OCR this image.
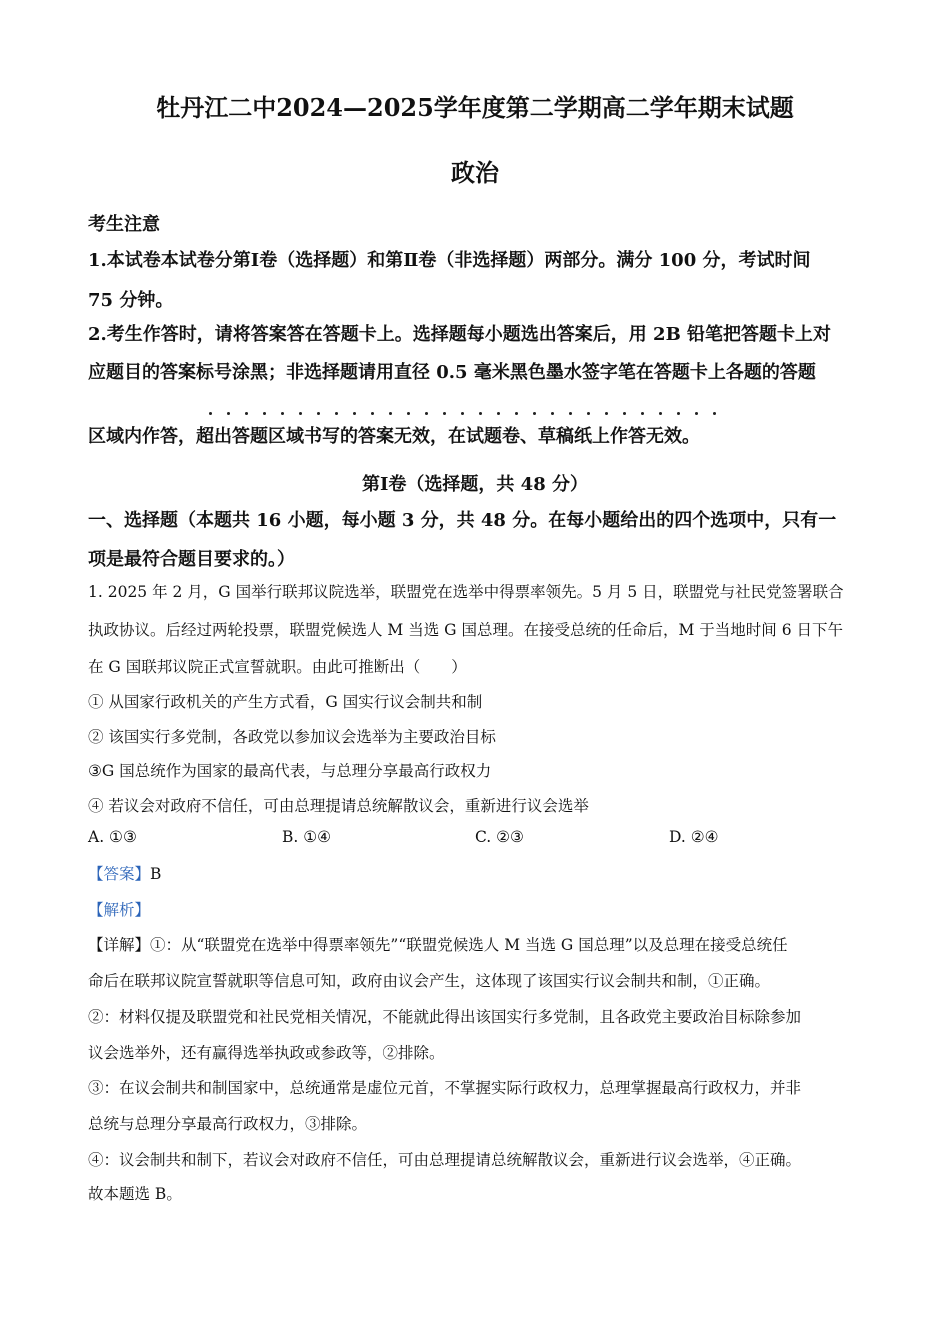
牡丹江二中2024—2025学年度第二学期高二学年期末试题
政治
考生注意
1.本试卷本试卷分第Ⅰ卷（选择题）和第Ⅱ卷（非选择题）两部分。满分 100 分，考试时间
75 分钟。
2.考生作答时，请将答案答在答题卡上。选择题每小题选出答案后，用 2B 铅笔把答题卡上对
应题目的答案标号涂黑；非选择题请用直径 0.5 毫米黑色墨水签字笔在答题卡上各题的答题
区域内作答，超出答题区域书写的答案无效，在试题卷、草稿纸上作答无效。
第Ⅰ卷（选择题，共 48 分）
一、选择题（本题共 16 小题，每小题 3 分，共 48 分。在每小题给出的四个选项中，只有一
项是最符合题目要求的。）
1. 2025 年 2 月，G 国举行联邦议院选举，联盟党在选举中得票率领先。5 月 5 日，联盟党与社民党签署联合
执政协议。后经过两轮投票，联盟党候选人 M 当选 G 国总理。在接受总统的任命后，M 于当地时间 6 日下午
在 G 国联邦议院正式宣誓就职。由此可推断出（　　）
① 从国家行政机关的产生方式看，G 国实行议会制共和制
② 该国实行多党制，各政党以参加议会选举为主要政治目标
③G 国总统作为国家的最高代表，与总理分享最高行政权力
④ 若议会对政府不信任，可由总理提请总统解散议会，重新进行议会选举
A. ①③	B. ①④	C. ②③	D. ②④
【答案】B
【解析】
【详解】①：从“联盟党在选举中得票率领先”“联盟党候选人 M 当选 G 国总理”以及总理在接受总统任
命后在联邦议院宣誓就职等信息可知，政府由议会产生，这体现了该国实行议会制共和制，①正确。
②：材料仅提及联盟党和社民党相关情况，不能就此得出该国实行多党制，且各政党主要政治目标除参加
议会选举外，还有赢得选举执政或参政等，②排除。
③：在议会制共和制国家中，总统通常是虚位元首，不掌握实际行政权力，总理掌握最高行政权力，并非
总统与总理分享最高行政权力，③排除。
④：议会制共和制下，若议会对政府不信任，可由总理提请总统解散议会，重新进行议会选举，④正确。
故本题选 B。
